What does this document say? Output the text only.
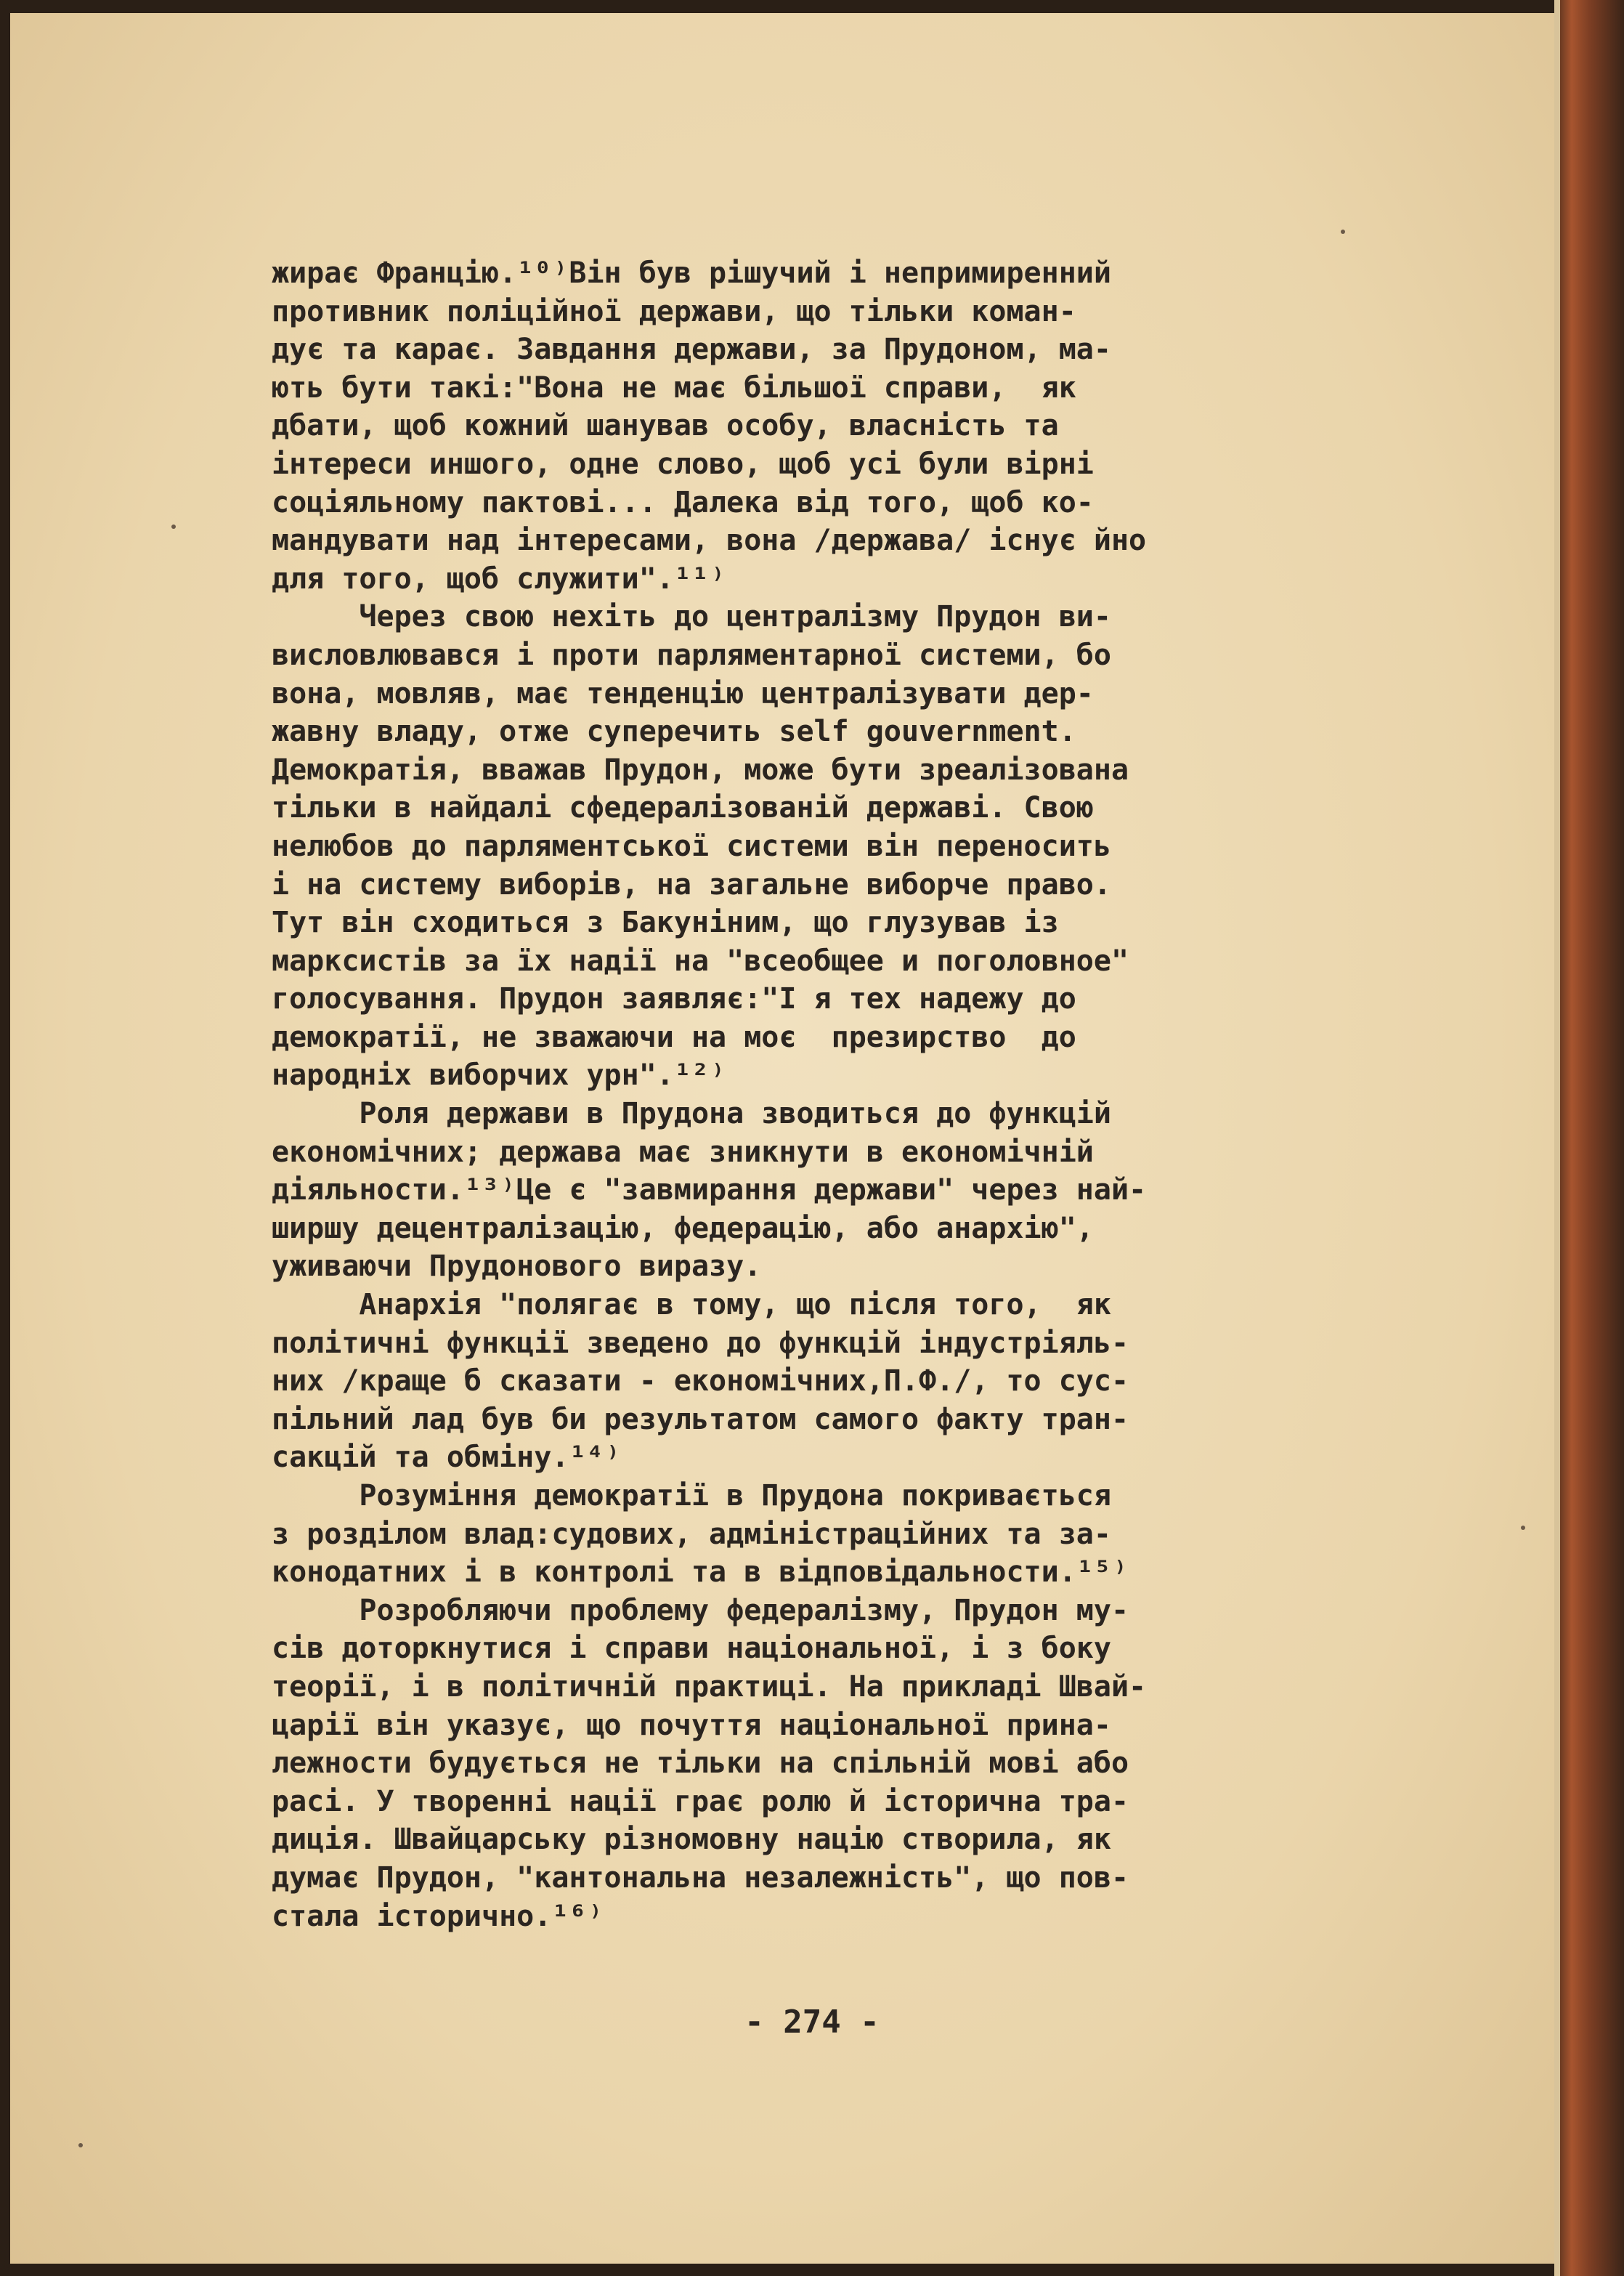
жирає Францію.¹⁰⁾Він був рішучий і непримиренний
противник поліційної держави, що тільки коман-
дує та карає. Завдання держави, за Прудоном, ма-
ють бути такі:"Вона не має більшої справи,  як
дбати, щоб кожний шанував особу, власність та
інтереси иншого, одне слово, щоб усі були вірні
соціяльному пактові... Далека від того, щоб ко-
мандувати над інтересами, вона /держава/ існує йно
для того, щоб служити".¹¹⁾
Через свою нехіть до централізму Прудон ви-
висловлювався і проти парляментарної системи, бо
вона, мовляв, має тенденцію централізувати дер-
жавну владу, отже суперечить self gouvernment.
Демократія, вважав Прудон, може бути зреалізована
тільки в найдалі сфедералізованій державі. Свою
нелюбов до парляментської системи він переносить
і на систему виборів, на загальне виборче право.
Тут він сходиться з Бакуніним, що глузував із
марксистів за їх надії на "всеобщее и поголовное"
голосування. Прудон заявляє:"I я тех надежу до
демократії, не зважаючи на моє  презирство  до
народніх виборчих урн".¹²⁾
Роля держави в Прудона зводиться до функцій
економічних; держава має зникнути в економічній
діяльности.¹³⁾Це є "завмирання держави" через най-
ширшу децентралізацію, федерацію, або анархію",
уживаючи Прудонового виразу.
Анархія "полягає в тому, що після того,  як
політичні функції зведено до функцій індустріяль-
них /краще б сказати - економічних,П.Ф./, то сус-
пільний лад був би результатом самого факту тран-
сакцій та обміну.¹⁴⁾
Розуміння демократії в Прудона покривається
з розділом влад:судових, адміністраційних та за-
конодатних і в контролі та в відповідальности.¹⁵⁾
Розробляючи проблему федералізму, Прудон му-
сів доторкнутися і справи національної, і з боку
теорії, і в політичній практиці. На прикладі Швай-
царії він указує, що почуття національної прина-
лежности будується не тільки на спільній мові або
расі. У творенні нації грає ролю й історична тра-
диція. Швайцарську різномовну націю створила, як
думає Прудон, "кантональна незалежність", що пов-
стала історично.¹⁶⁾
- 274 -
